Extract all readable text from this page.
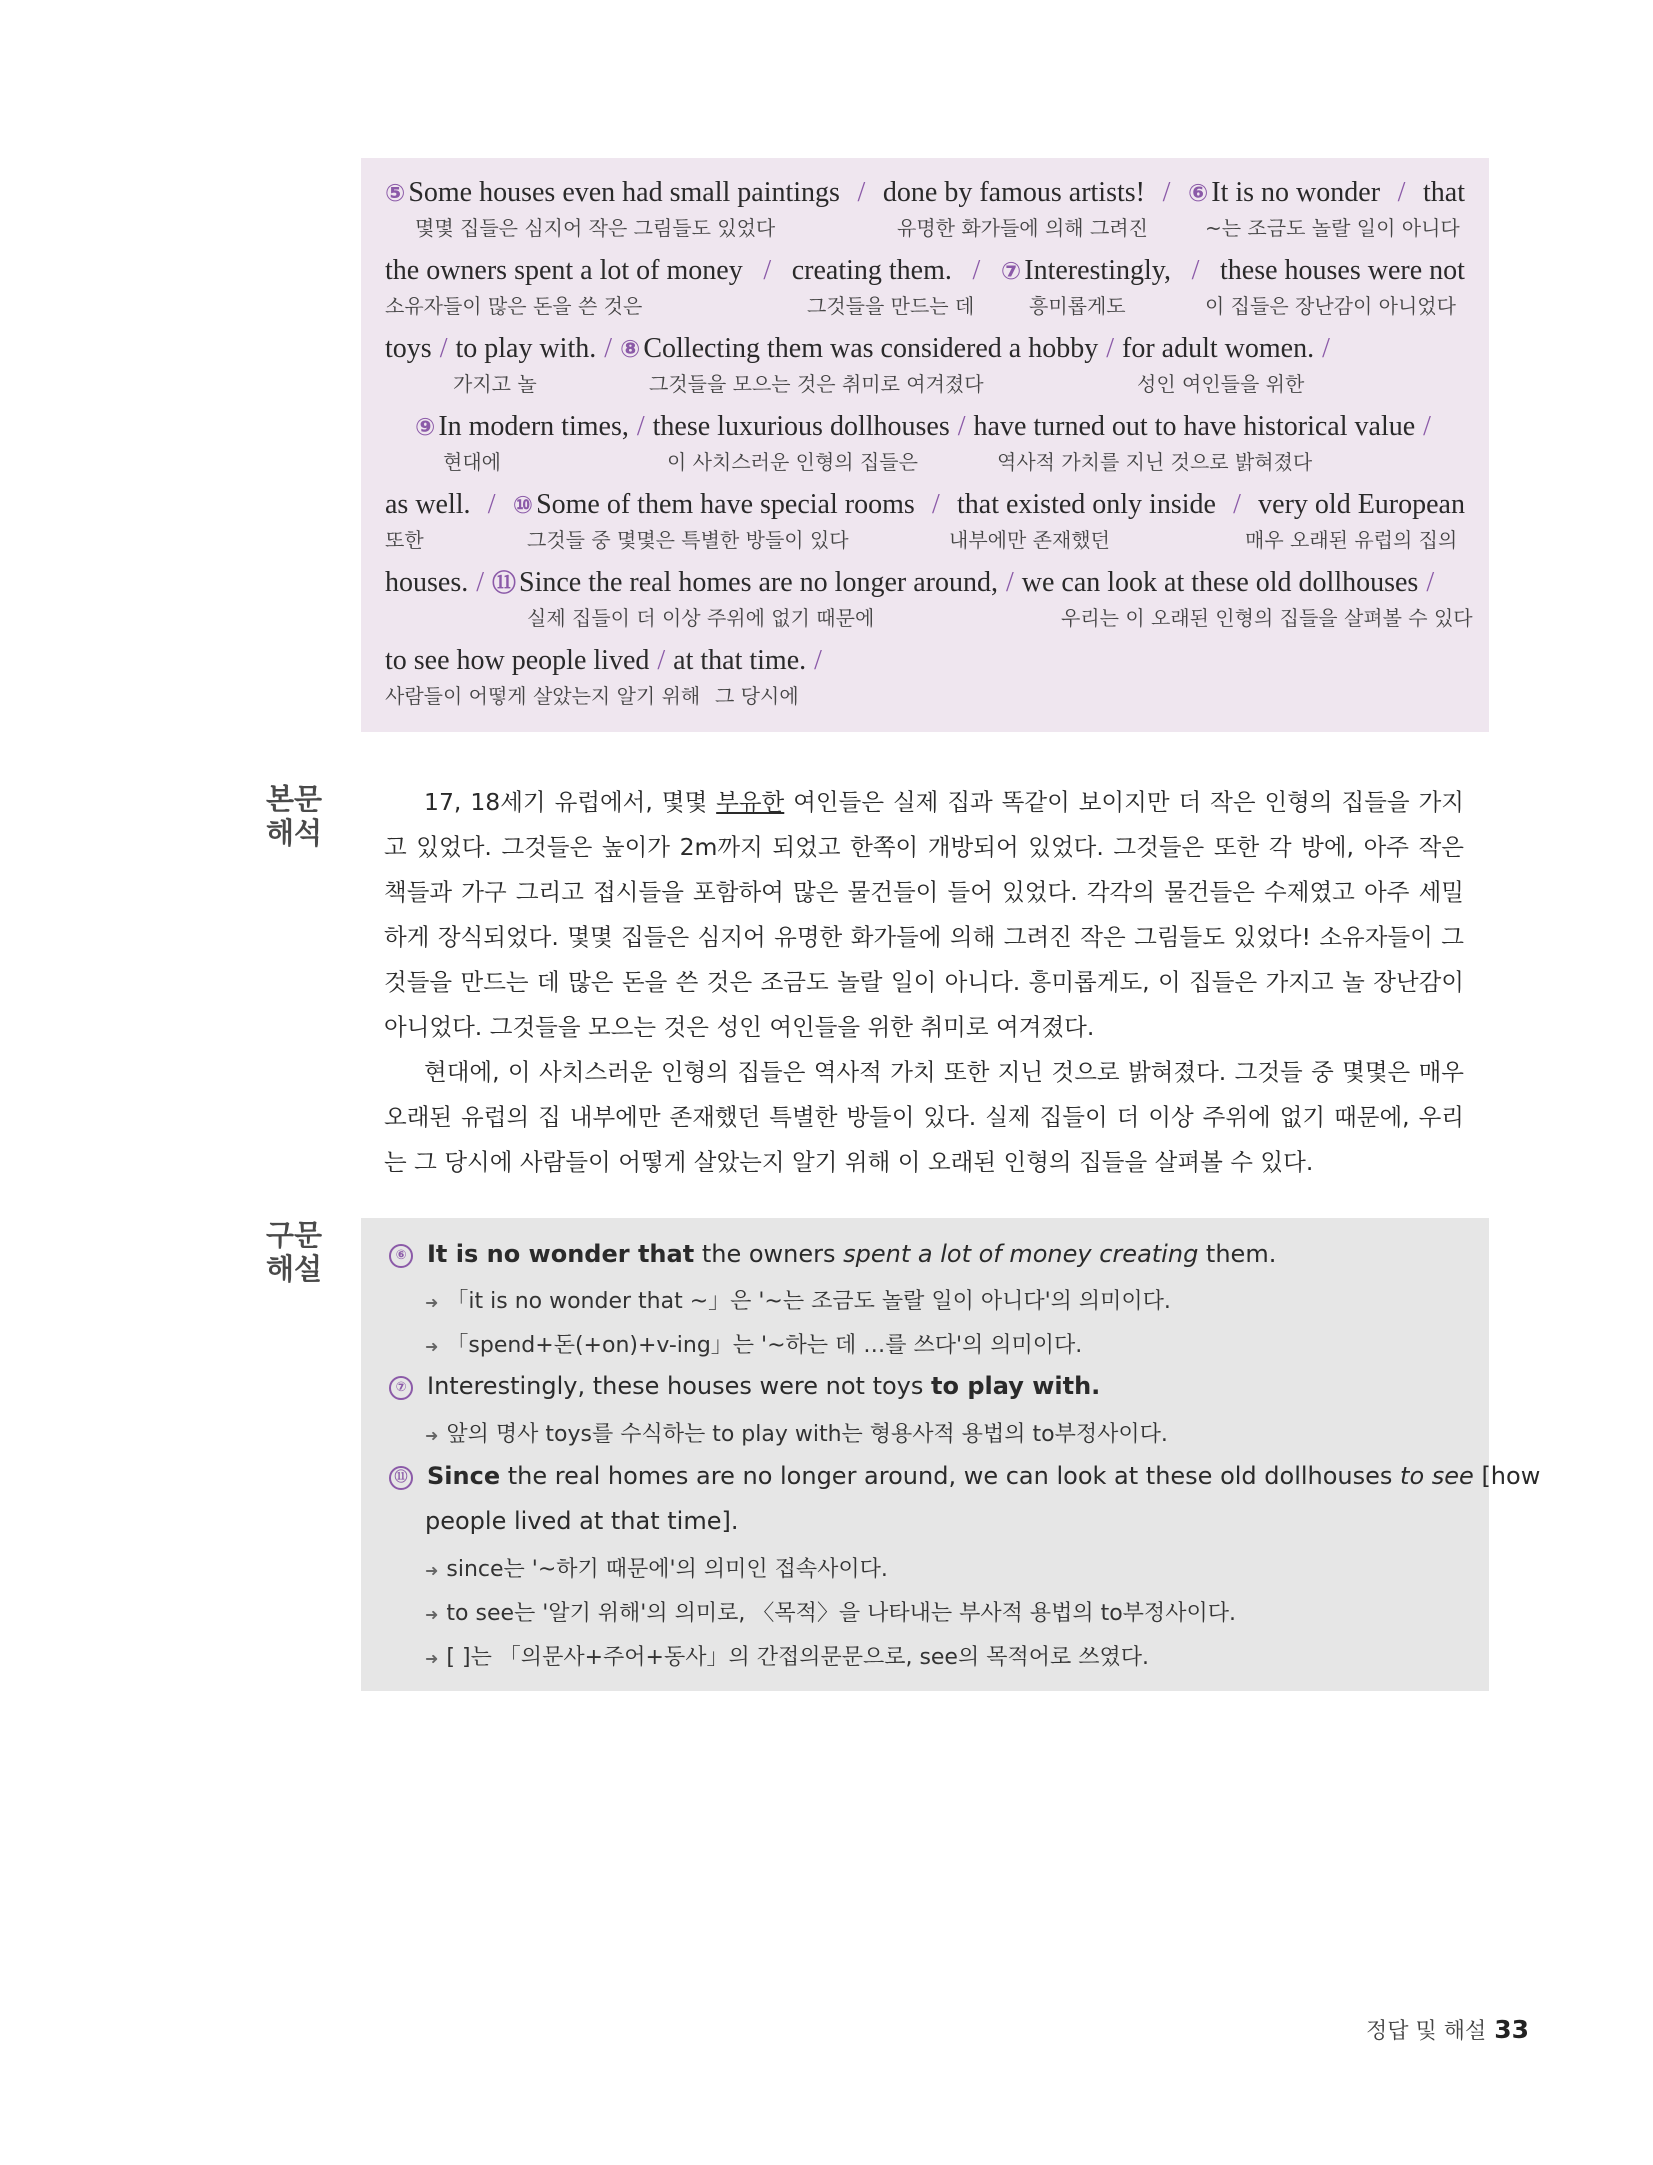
⑤ Some houses even had small paintings / done by famous artists! / ⑥ It is no wonder / that
몇몇 집들은 심지어 작은 그림들도 있었다	유명한 화가들에 의해 그려진	~는 조금도 놀랄 일이 아니다
the owners spent a lot of money / creating them. / ⑦ Interestingly, / these houses were not
소유자들이 많은 돈을 쓴 것은	그것들을 만드는 데	흥미롭게도	이 집들은 장난감이 아니었다
toys / to play with. / ⑧ Collecting them was considered a hobby / for adult women. /
가지고 놀	그것들을 모으는 것은 취미로 여겨졌다	성인 여인들을 위한
⑨ In modern times, / these luxurious dollhouses / have turned out to have historical value /
현대에	이 사치스러운 인형의 집들은	역사적 가치를 지닌 것으로 밝혀졌다
as well. / ⑩ Some of them have special rooms / that existed only inside / very old European
또한	그것들 중 몇몇은 특별한 방들이 있다	내부에만 존재했던	매우 오래된 유럽의 집의
houses. / ⑪ Since the real homes are no longer around, / we can look at these old dollhouses /
실제 집들이 더 이상 주위에 없기 때문에	우리는 이 오래된 인형의 집들을 살펴볼 수 있다
to see how people lived / at that time. /
사람들이 어떻게 살았는지 알기 위해 그 당시에
본문 해석

17, 18세기 유럽에서, 몇몇 부유한 여인들은 실제 집과 똑같이 보이지만 더 작은 인형의 집들을 가지고 있었다. 그것들은 높이가 2m까지 되었고 한쪽이 개방되어 있었다. 그것들은 또한 각 방에, 아주 작은 책들과 가구 그리고 접시들을 포함하여 많은 물건들이 들어 있었다. 각각의 물건들은 수제였고 아주 세밀하게 장식되었다. 몇몇 집들은 심지어 유명한 화가들에 의해 그려진 작은 그림들도 있었다! 소유자들이 그것들을 만드는 데 많은 돈을 쓴 것은 조금도 놀랄 일이 아니다. 흥미롭게도, 이 집들은 가지고 놀 장난감이 아니었다. 그것들을 모으는 것은 성인 여인들을 위한 취미로 여겨졌다.

현대에, 이 사치스러운 인형의 집들은 역사적 가치 또한 지닌 것으로 밝혀졌다. 그것들 중 몇몇은 매우 오래된 유럽의 집 내부에만 존재했던 특별한 방들이 있다. 실제 집들이 더 이상 주위에 없기 때문에, 우리는 그 당시에 사람들이 어떻게 살았는지 알기 위해 이 오래된 인형의 집들을 살펴볼 수 있다.

구문 해설	⑥ It is no wonder that the owners spent a lot of money creating them.
➜ 「it is no wonder that ~」은 '~는 조금도 놀랄 일이 아니다'의 의미이다.
➜ 「spend+돈(+on)+v-ing」는 '~하는 데 …를 쓰다'의 의미이다.
⑦ Interestingly, these houses were not toys to play with.
➜ 앞의 명사 toys를 수식하는 to play with는 형용사적 용법의 to부정사이다.
⑪ Since the real homes are no longer around, we can look at these old dollhouses to see [how
people lived at that time].
➜ since는 '~하기 때문에'의 의미인 접속사이다.
➜ to see는 '알기 위해'의 의미로, 〈목적〉을 나타내는 부사적 용법의 to부정사이다.
➜ [ ]는 「의문사+주어+동사」의 간접의문문으로, see의 목적어로 쓰였다.
정답 및 해설 33
